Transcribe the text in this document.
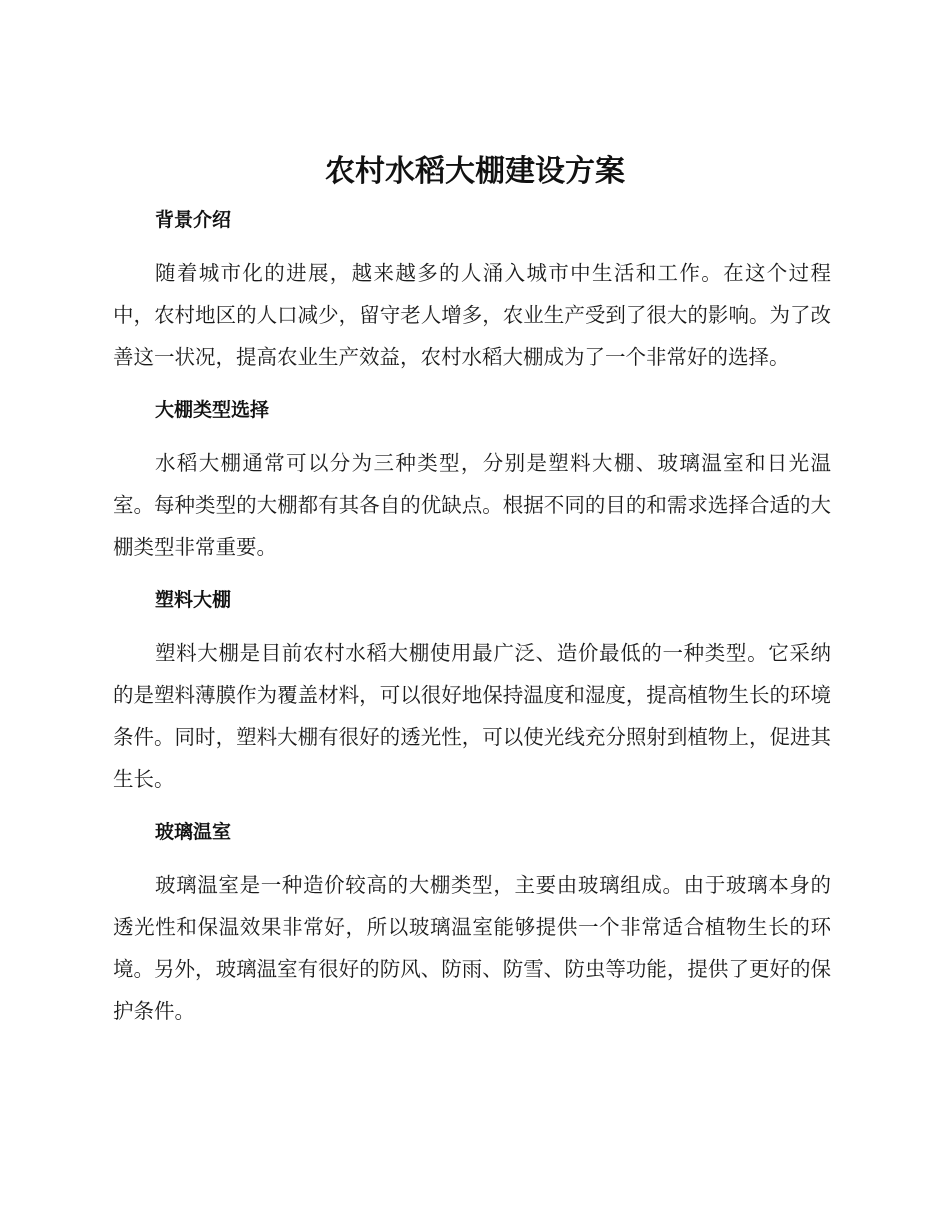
农村水稻大棚建设方案
背景介绍

随着城市化的进展，越来越多的人涌入城市中生活和工作。在这个过程中，农村地区的人口减少，留守老人增多，农业生产受到了很大的影响。为了改善这一状况，提高农业生产效益，农村水稻大棚成为了一个非常好的选择。

大棚类型选择

水稻大棚通常可以分为三种类型，分别是塑料大棚、玻璃温室和日光温室。每种类型的大棚都有其各自的优缺点。根据不同的目的和需求选择合适的大棚类型非常重要。

塑料大棚

塑料大棚是目前农村水稻大棚使用最广泛、造价最低的一种类型。它采纳的是塑料薄膜作为覆盖材料，可以很好地保持温度和湿度，提高植物生长的环境条件。同时，塑料大棚有很好的透光性，可以使光线充分照射到植物上，促进其生长。

玻璃温室

玻璃温室是一种造价较高的大棚类型，主要由玻璃组成。由于玻璃本身的透光性和保温效果非常好，所以玻璃温室能够提供一个非常适合植物生长的环境。另外，玻璃温室有很好的防风、防雨、防雪、防虫等功能，提供了更好的保护条件。
